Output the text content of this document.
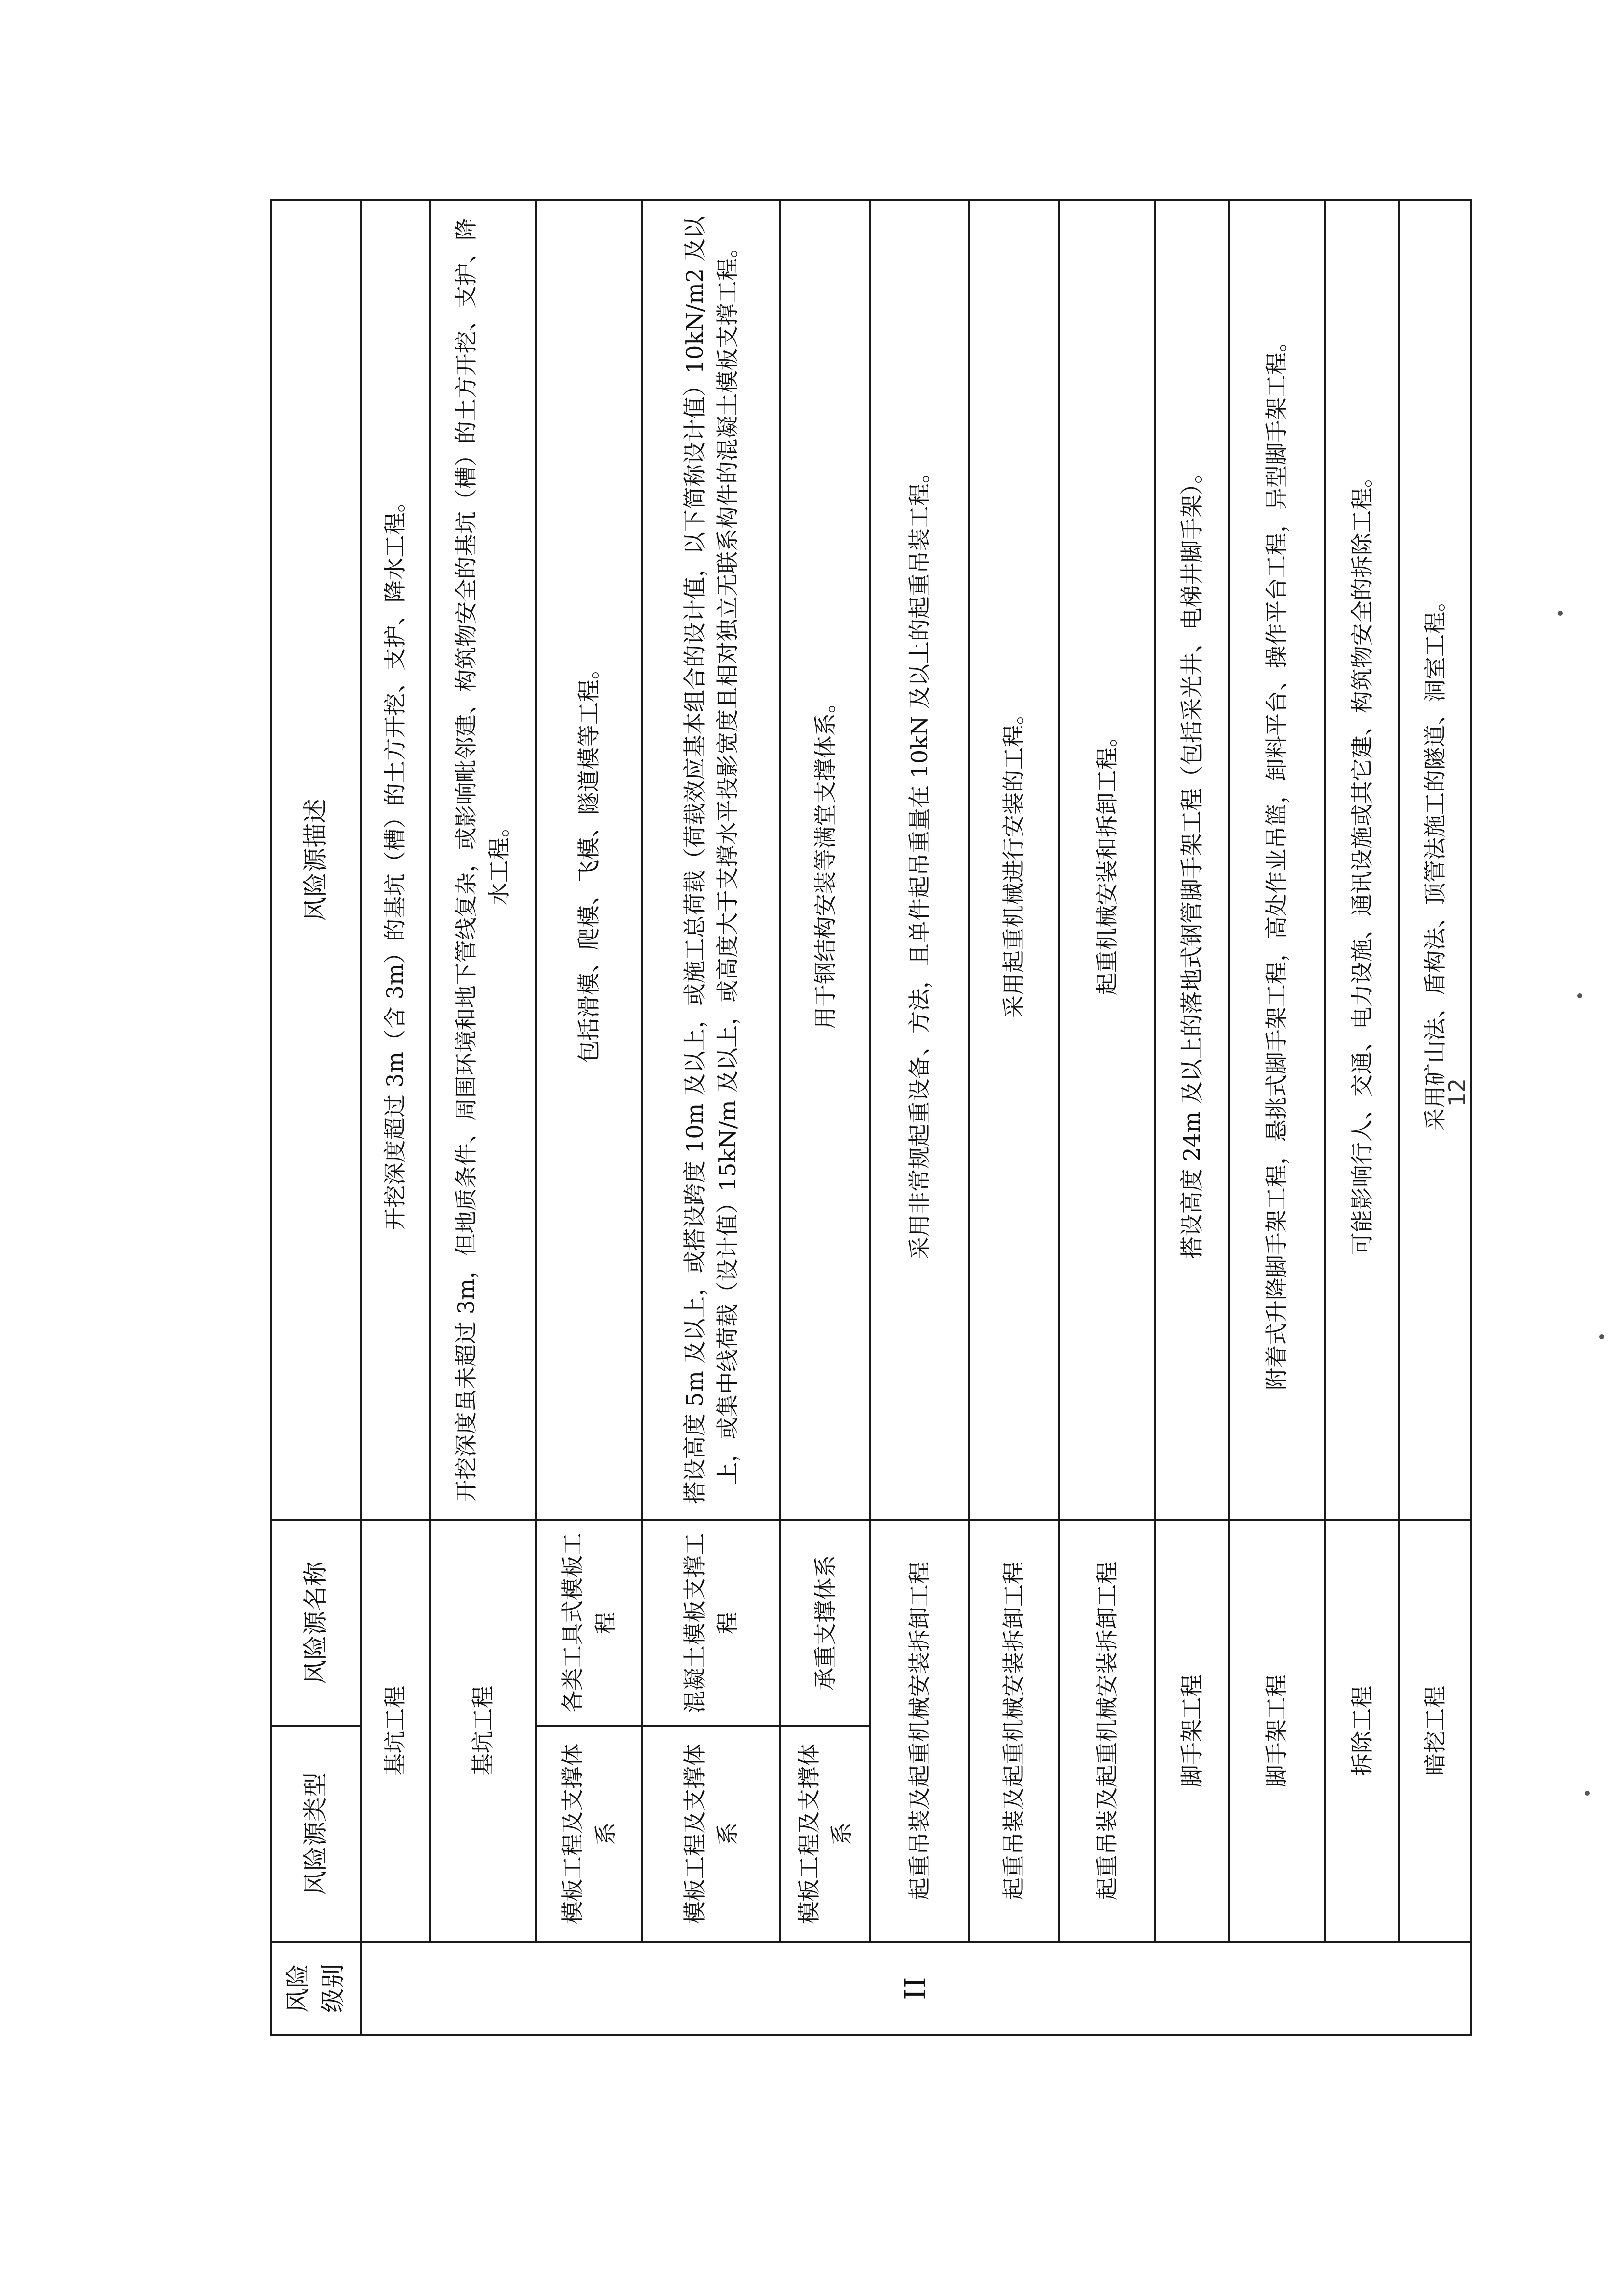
风险级别	风险源类型	风险源名称	风险源描述
II	基坑工程		开挖深度超过 3m（含 3m）的基坑（槽）的土方开挖、支护、降水工程。
	基坑工程		开挖深度虽未超过 3m，但地质条件、周围环境和地下管线复杂，或影响毗邻建、构筑物安全的基坑（槽）的土方开挖、支护、降水工程。
	模板工程及支撑体系	各类工具式模板工程	包括滑模、爬模、飞模、隧道模等工程。
	模板工程及支撑体系	混凝土模板支撑工程	搭设高度 5m 及以上，或搭设跨度 10m 及以上，或施工总荷载（荷载效应基本组合的设计值，以下简称设计值）10kN/m2 及以上，或集中线荷载（设计值）15kN/m 及以上，或高度大于支撑水平投影宽度且相对独立无联系构件的混凝土模板支撑工程。
	模板工程及支撑体系	承重支撑体系	用于钢结构安装等满堂支撑体系。
	起重吊装及起重机械安装拆卸工程		采用非常规起重设备、方法，且单件起吊重量在 10kN 及以上的起重吊装工程。
	起重吊装及起重机械安装拆卸工程		采用起重机械进行安装的工程。
	起重吊装及起重机械安装拆卸工程		起重机械安装和拆卸工程。
	脚手架工程		搭设高度 24m 及以上的落地式钢管脚手架工程（包括采光井、电梯井脚手架）。
	脚手架工程		附着式升降脚手架工程，悬挑式脚手架工程，高处作业吊篮，卸料平台、操作平台工程，异型脚手架工程。
	拆除工程		可能影响行人、交通、电力设施、通讯设施或其它建、构筑物安全的拆除工程。
	暗挖工程		采用矿山法、盾构法、顶管法施工的隧道、洞室工程。
12
